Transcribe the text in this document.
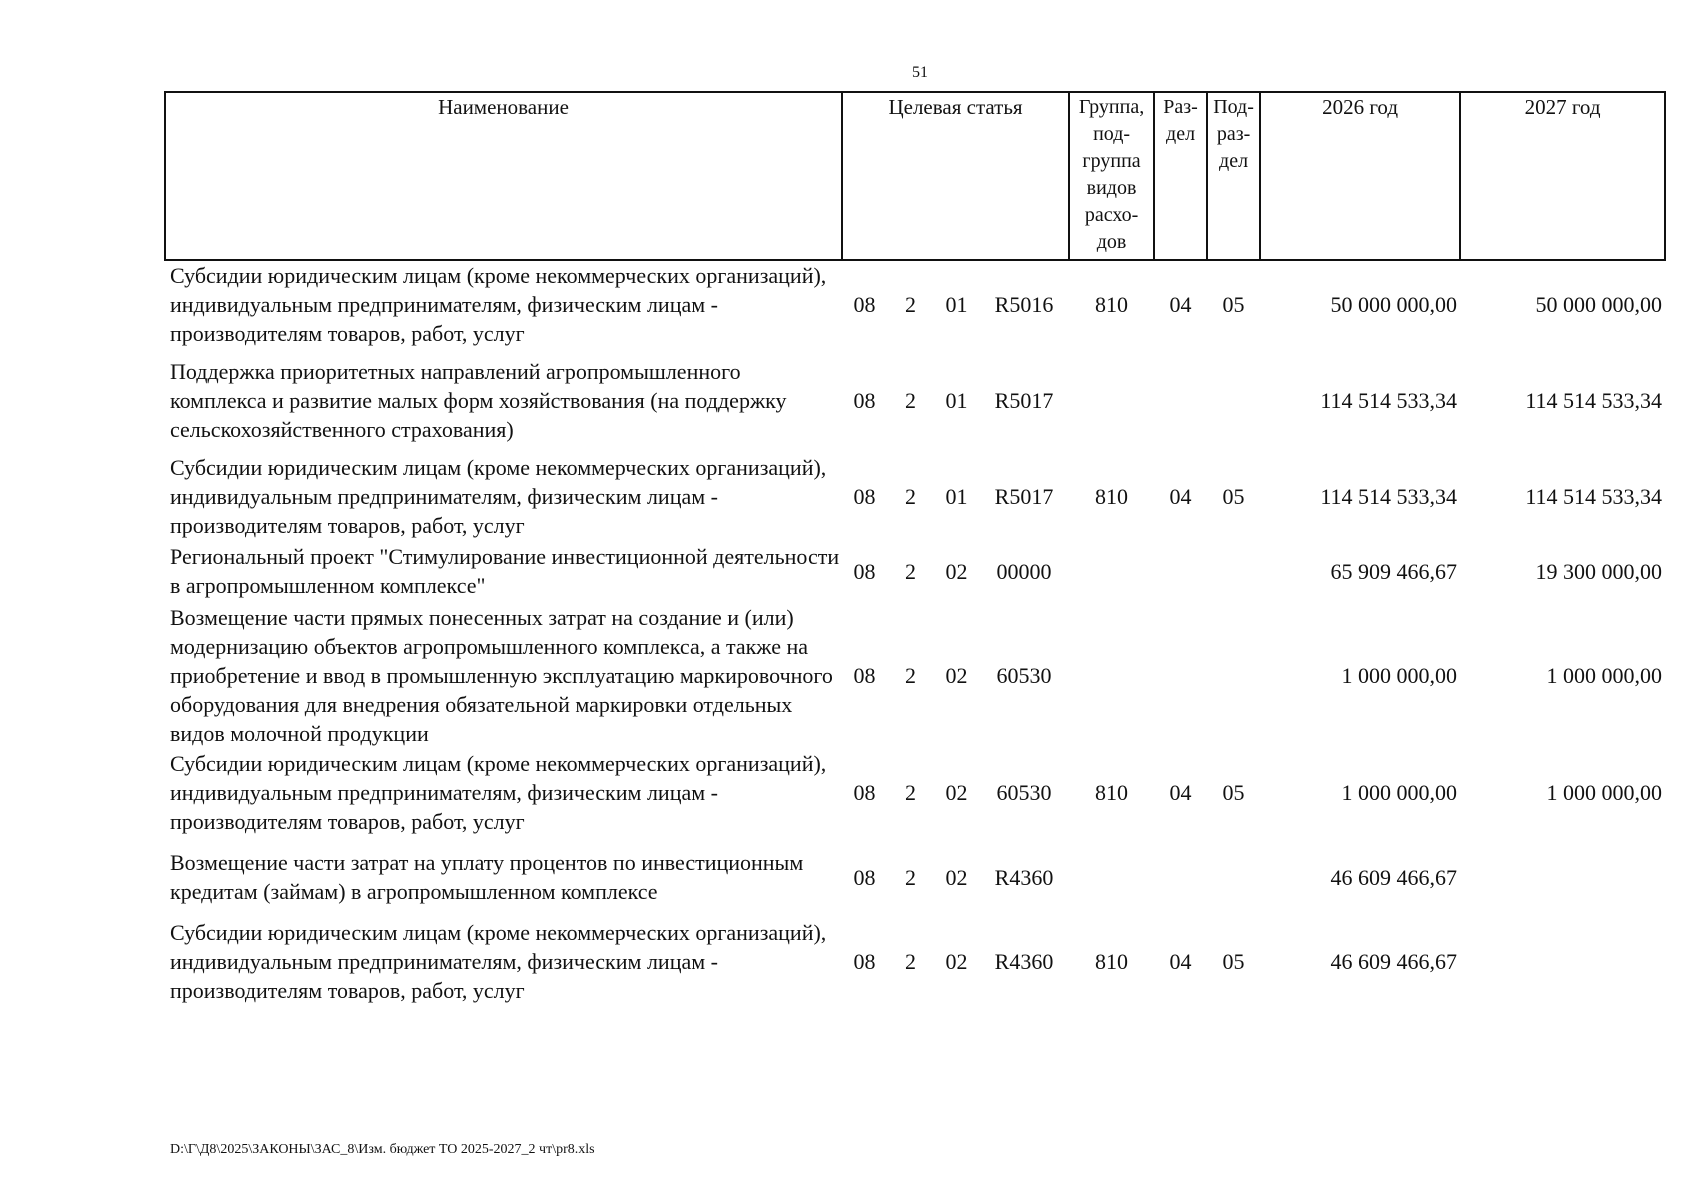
51
Наименование	Целевая статья				Группа, под- группа видов расхо- дов	Раз- дел	Под- раз- дел	2026 год	2027 год
Субсидии юридическим лицам (кроме некоммерческих организаций), индивидуальным предпринимателям, физическим лицам - производителям товаров, работ, услуг	08	2	01	R5016	810	04	05	50 000 000,00	50 000 000,00
Поддержка приоритетных направлений агропромышленного комплекса и развитие малых форм хозяйствования (на поддержку сельскохозяйственного страхования)	08	2	01	R5017				114 514 533,34	114 514 533,34
Субсидии юридическим лицам (кроме некоммерческих организаций), индивидуальным предпринимателям, физическим лицам - производителям товаров, работ, услуг	08	2	01	R5017	810	04	05	114 514 533,34	114 514 533,34
Региональный проект "Стимулирование инвестиционной деятельности в агропромышленном комплексе"	08	2	02	00000				65 909 466,67	19 300 000,00
Возмещение части прямых понесенных затрат на создание и (или) модернизацию объектов агропромышленного комплекса, а также на приобретение и ввод в промышленную эксплуатацию маркировочного оборудования для внедрения обязательной маркировки отдельных видов молочной продукции	08	2	02	60530				1 000 000,00	1 000 000,00
Субсидии юридическим лицам (кроме некоммерческих организаций), индивидуальным предпринимателям, физическим лицам - производителям товаров, работ, услуг	08	2	02	60530	810	04	05	1 000 000,00	1 000 000,00
Возмещение части затрат на уплату процентов по инвестиционным кредитам (займам) в агропромышленном комплексе	08	2	02	R4360				46 609 466,67	
Субсидии юридическим лицам (кроме некоммерческих организаций), индивидуальным предпринимателям, физическим лицам - производителям товаров, работ, услуг	08	2	02	R4360	810	04	05	46 609 466,67	
D:\Г\Д8\2025\ЗАКОНЫ\ЗАС_8\Изм. бюджет ТО 2025-2027_2 чт\pr8.xls
